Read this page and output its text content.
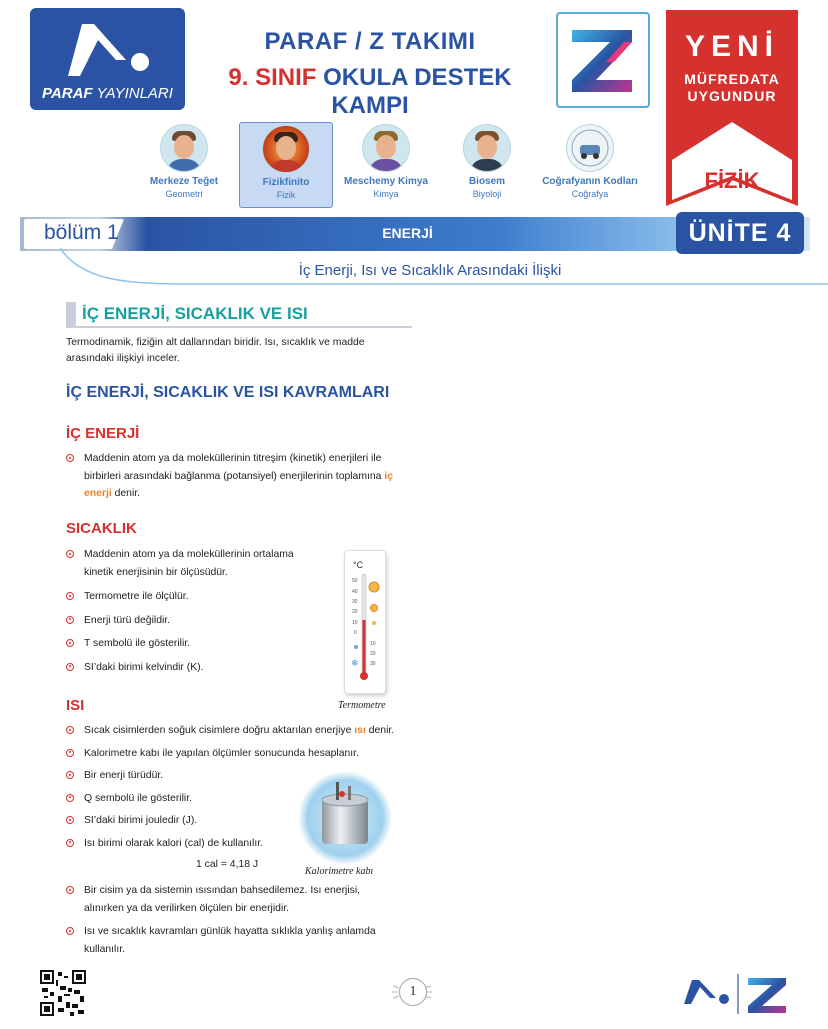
PARAF YAYINLARI
PARAF / Z TAKIMI
9. SINIF OKULA DESTEK KAMPI
YENİ
MÜFREDATA
UYGUNDUR
FİZİK
Merkeze Teğet
Geometri
Fizikfinito
Fizik
Meschemy Kimya
Kimya
Biosem
Biyoloji
Coğrafyanın Kodları
Coğrafya
bölüm 1	ENERJİ	ÜNİTE 4
İç Enerji, Isı ve Sıcaklık Arasındaki İlişki
İÇ ENERJİ, SICAKLIK VE ISI
Termodinamik, fiziğin alt dallarından biridir. Isı, sıcaklık ve madde arasındaki ilişkiyi inceler.
İÇ ENERJİ, SICAKLIK VE ISI KAVRAMLARI
İÇ ENERJİ
Maddenin atom ya da moleküllerinin titreşim (kinetik) enerjileri ile birbirleri arasındaki bağlanma (potansiyel) enerjilerinin toplamına iç enerji denir.
SICAKLIK
Maddenin atom ya da moleküllerinin ortalama kinetik enerjisinin bir ölçüsüdür.
Termometre ile ölçülür.
Enerji türü değildir.
T sembolü ile gösterilir.
SI’daki birimi kelvindir (K).
°C
50
40
30
20
10
0
10
20
30
❄
Termometre
ISI
Sıcak cisimlerden soğuk cisimlere doğru aktarılan enerjiye ısı denir.
Kalorimetre kabı ile yapılan ölçümler sonucunda hesaplanır.
Bir enerji türüdür.
Q sembolü ile gösterilir.
SI’daki birimi jouledir (J).
Isı birimi olarak kalori (cal) de kullanılır.
1 cal = 4,18 J
Kalorimetre kabı
Bir cisim ya da sistemin ısısından bahsedilemez. Isı enerjisi, alınırken ya da verilirken ölçülen bir enerjidir.
Isı ve sıcaklık kavramları günlük hayatta sıklıkla yanlış anlamda kullanılır.
1
